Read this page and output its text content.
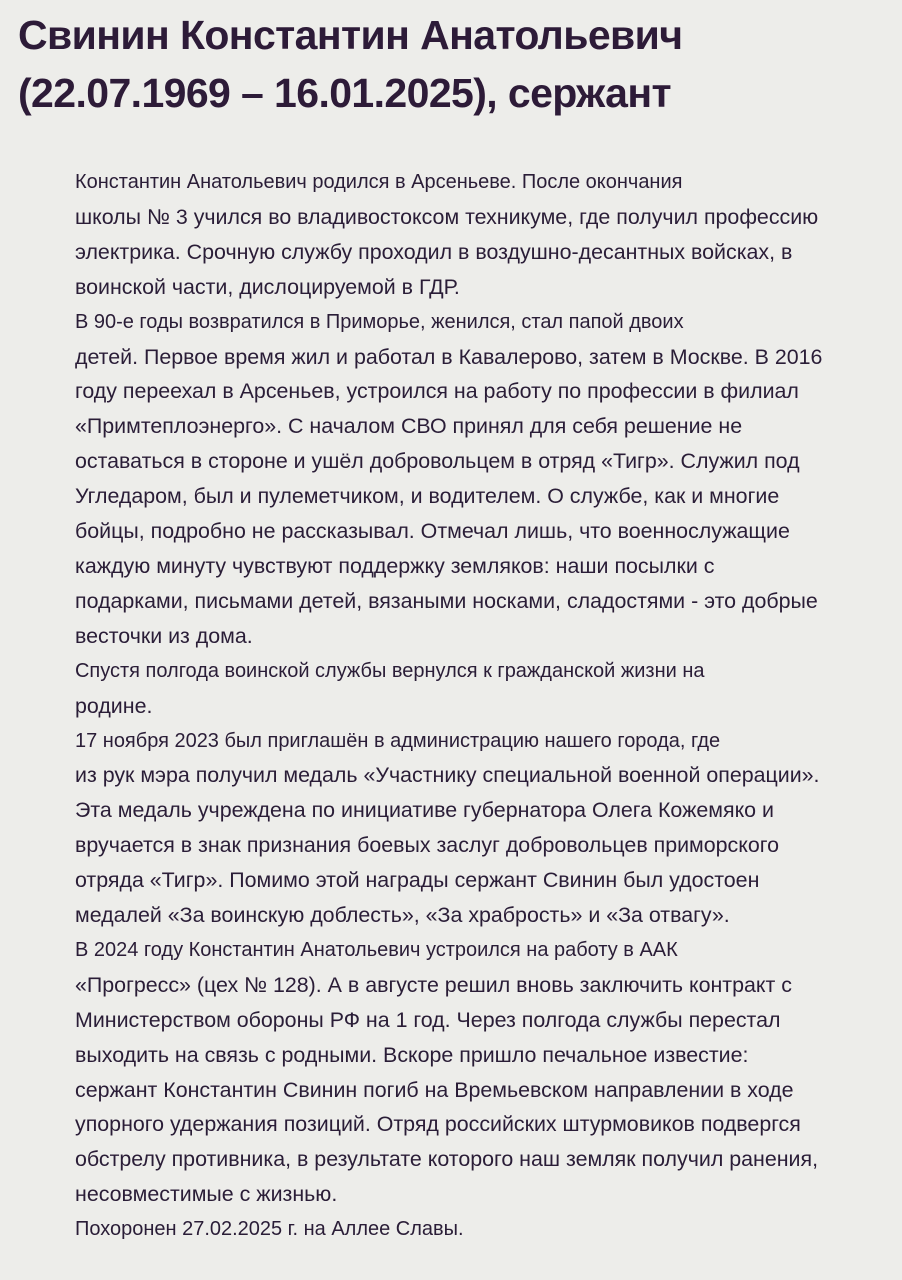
Свинин Константин Анатольевич
(22.07.1969 – 16.01.2025), сержант

Константин Анатольевич родился в Арсеньеве. После окончания
школы № 3 учился во владивостоксом техникуме, где получил профессию
электрика. Срочную службу проходил в воздушно-десантных войсках, в
воинской части, дислоцируемой в ГДР.

В 90-е годы возвратился в Приморье, женился, стал папой двоих
детей. Первое время жил и работал в Кавалерово, затем в Москве. В 2016
году переехал в Арсеньев, устроился на работу по профессии в филиал
«Примтеплоэнерго». С началом СВО принял для себя решение не
оставаться в стороне и ушёл добровольцем в отряд «Тигр». Служил под
Угледаром, был и пулеметчиком, и водителем. О службе, как и многие
бойцы, подробно не рассказывал. Отмечал лишь, что военнослужащие
каждую минуту чувствуют поддержку земляков: наши посылки с
подарками, письмами детей, вязаными носками, сладостями - это добрые
весточки из дома.

Спустя полгода воинской службы вернулся к гражданской жизни на
родине.

17 ноября 2023 был приглашён в администрацию нашего города, где
из рук мэра получил медаль «Участнику специальной военной операции».
Эта медаль учреждена по инициативе губернатора Олега Кожемяко и
вручается в знак признания боевых заслуг добровольцев приморского
отряда «Тигр». Помимо этой награды сержант Свинин был удостоен
медалей «За воинскую доблесть», «За храбрость» и «За отвагу».

В 2024 году Константин Анатольевич устроился на работу в ААК
«Прогресс» (цех № 128). А в августе решил вновь заключить контракт с
Министерством обороны РФ на 1 год. Через полгода службы перестал
выходить на связь с родными. Вскоре пришло печальное известие:
сержант Константин Свинин погиб на Времьевском направлении в ходе
упорного удержания позиций. Отряд российских штурмовиков подвергся
обстрелу противника, в результате которого наш земляк получил ранения,
несовместимые с жизнью.

Похоронен 27.02.2025 г. на Аллее Славы.
